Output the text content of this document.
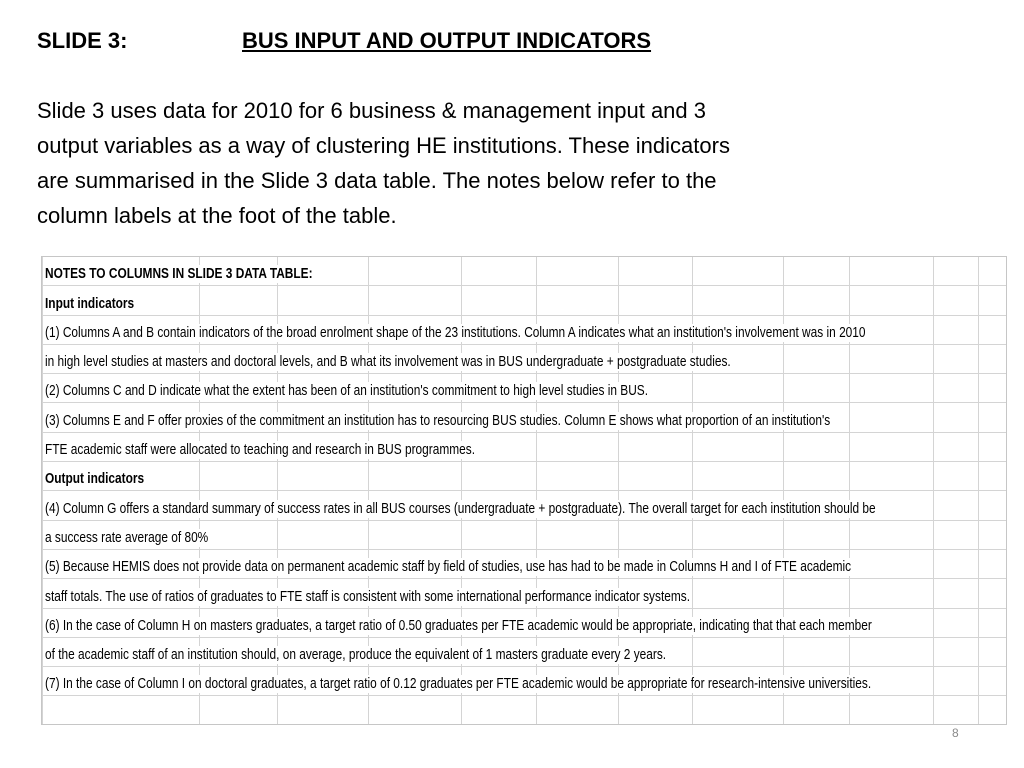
SLIDE 3:	BUS INPUT AND OUTPUT INDICATORS

Slide 3 uses data for 2010 for 6 business & management input and 3

output variables as a way of clustering HE institutions. These indicators

are summarised in the Slide 3 data table. The notes below refer to the

column labels at the foot of the table.

NOTES TO COLUMNS IN SLIDE 3 DATA TABLE:
Input indicators
(1) Columns A and B contain indicators of the broad enrolment shape of the 23 institutions. Column A indicates what an institution's involvement was in 2010
in high level studies at masters and doctoral levels, and B what its involvement was in BUS undergraduate + postgraduate studies.
(2) Columns C and D indicate what the extent has been of an institution's commitment to high level studies in BUS.
(3) Columns E and F offer proxies of the commitment an institution has to resourcing BUS studies. Column E shows what proportion of an institution's
FTE academic staff were allocated to teaching and research in BUS programmes.
Output indicators
(4) Column G offers a standard summary of success rates in all BUS courses (undergraduate + postgraduate). The overall target for each institution should be
a success rate average of 80%
(5) Because HEMIS does not provide data on permanent academic staff by field of studies, use has had to be made in Columns H and I of FTE academic
staff totals. The use of ratios of graduates to FTE staff is consistent with some international performance indicator systems.
(6) In the case of Column H on masters graduates, a target ratio of 0.50 graduates per FTE academic would be appropriate, indicating that that each member
of the academic staff of an institution should, on average, produce the equivalent of 1 masters graduate every 2 years.
(7) In the case of Column I on doctoral graduates, a target ratio of 0.12 graduates per FTE academic would be appropriate for research-intensive universities.
8
